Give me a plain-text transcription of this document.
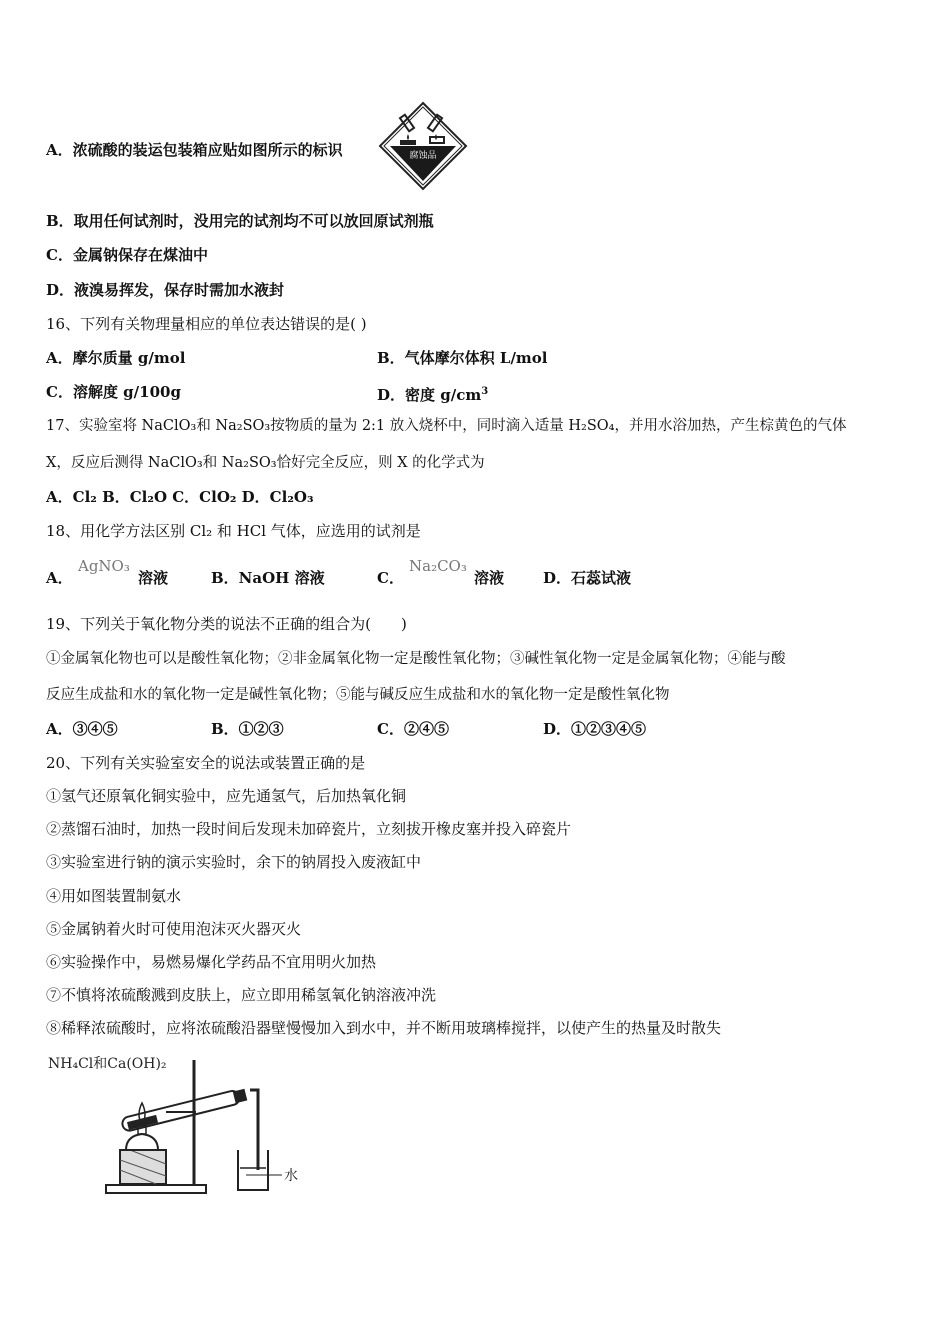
A．浓硫酸的装运包装箱应贴如图所示的标识	腐蚀品
B．取用任何试剂时，没用完的试剂均不可以放回原试剂瓶
C．金属钠保存在煤油中
D．液溴易挥发，保存时需加水液封
16、下列有关物理量相应的单位表达错误的是( )
A．摩尔质量 g/mol	B．气体摩尔体积 L/mol
C．溶解度 g/100g	D．密度 $g/cm^3$
17、实验室将 NaClO₃和 Na₂SO₃按物质的量为 2:1 放入烧杯中，同时滴入适量 H₂SO₄，并用水浴加热，产生棕黄色的气体
X，反应后测得 NaClO₃和 Na₂SO₃恰好完全反应，则 X 的化学式为
A．Cl₂ B．Cl₂O C．ClO₂ D．Cl₂O₃
18、用化学方法区别 Cl₂ 和 HCl 气体，应选用的试剂是
A．
AgNO₃
溶液	B．NaOH 溶液	C．
Na₂CO₃
溶液	D．石蕊试液
19、下列关于氧化物分类的说法不正确的组合为(　　)
①金属氧化物也可以是酸性氧化物；②非金属氧化物一定是酸性氧化物；③碱性氧化物一定是金属氧化物；④能与酸
反应生成盐和水的氧化物一定是碱性氧化物；⑤能与碱反应生成盐和水的氧化物一定是酸性氧化物
A．③④⑤	B．①②③	C．②④⑤	D．①②③④⑤
20、下列有关实验室安全的说法或装置正确的是
①氢气还原氧化铜实验中，应先通氢气，后加热氧化铜
②蒸馏石油时，加热一段时间后发现未加碎瓷片，立刻拔开橡皮塞并投入碎瓷片
③实验室进行钠的演示实验时，余下的钠屑投入废液缸中
④用如图装置制氨水
⑤金属钠着火时可使用泡沫灭火器灭火
⑥实验操作中，易燃易爆化学药品不宜用明火加热
⑦不慎将浓硫酸溅到皮肤上，应立即用稀氢氧化钠溶液冲洗
⑧稀释浓硫酸时，应将浓硫酸沿器壁慢慢加入到水中，并不断用玻璃棒搅拌，以使产生的热量及时散失
NH₄Cl和Ca(OH)₂
水
